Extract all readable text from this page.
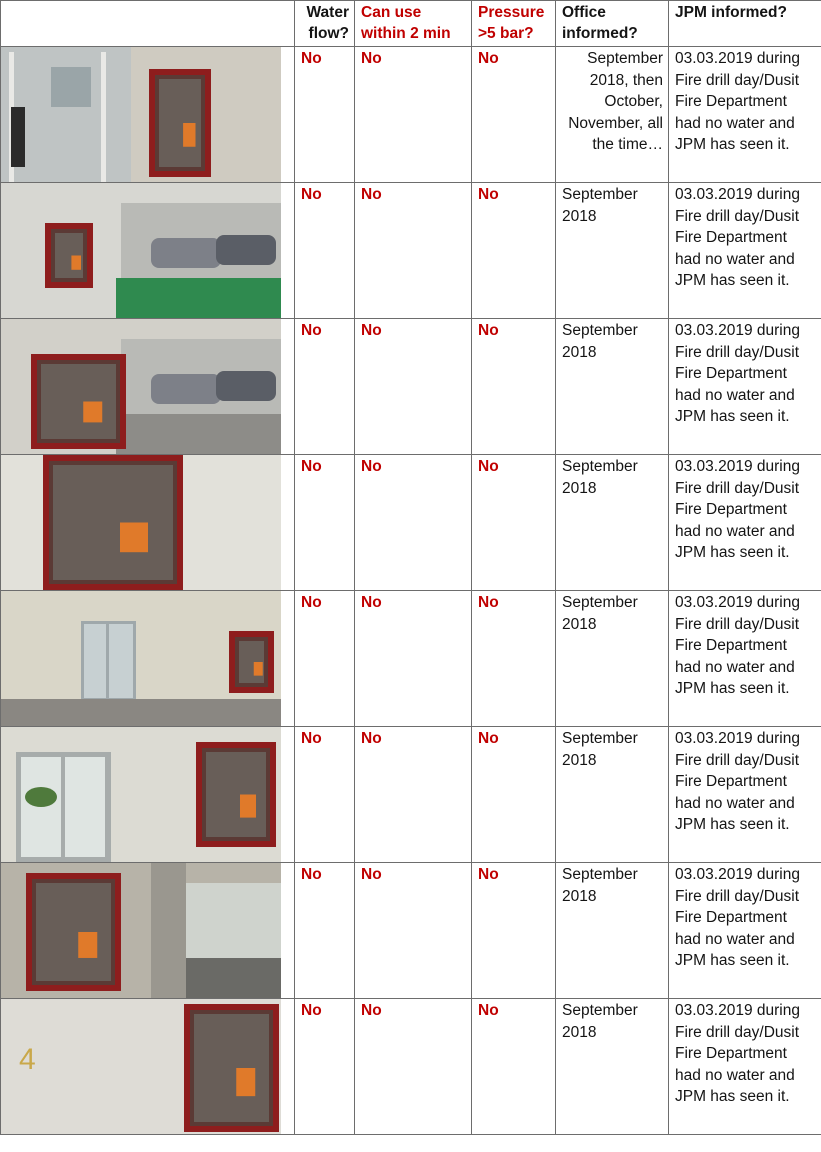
	Water flow?	Can use within 2 min	Pressure >5 bar?	Office informed?	JPM informed?

	No	No	No	September 2018, then October, November, all the time…	03.03.2019 during Fire drill day/Dusit Fire Department had no water and JPM has seen it.

	No	No	No	September 2018	03.03.2019 during Fire drill day/Dusit Fire Department had no water and JPM has seen it.

	No	No	No	September 2018	03.03.2019 during Fire drill day/Dusit Fire Department had no water and JPM has seen it.

	No	No	No	September 2018	03.03.2019 during Fire drill day/Dusit Fire Department had no water and JPM has seen it.

	No	No	No	September 2018	03.03.2019 during Fire drill day/Dusit Fire Department had no water and JPM has seen it.

	No	No	No	September 2018	03.03.2019 during Fire drill day/Dusit Fire Department had no water and JPM has seen it.

	No	No	No	September 2018	03.03.2019 during Fire drill day/Dusit Fire Department had no water and JPM has seen it.

4	No	No	No	September 2018	03.03.2019 during Fire drill day/Dusit Fire Department had no water and JPM has seen it.
